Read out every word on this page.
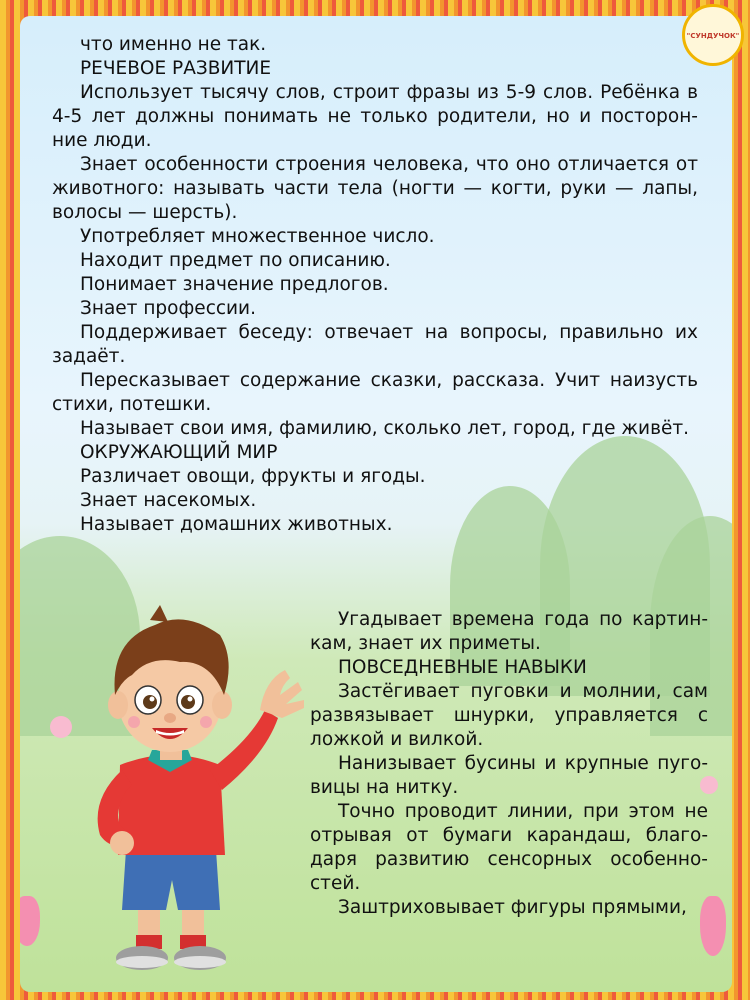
"СУНДУЧОК"

что именно не так.

РЕЧЕВОЕ РАЗВИТИЕ

Использует тысячу слов, строит фразы из 5-9 слов. Ребёнка в 4-5 лет должны понимать не только родители, но и посторон-ние люди.

Знает особенности строения человека, что оно отличается от животного: называть части тела (ногти — когти, руки — лапы, волосы — шерсть).

Употребляет множественное число.

Находит предмет по описанию.

Понимает значение предлогов.

Знает профессии.

Поддерживает беседу: отвечает на вопросы, правильно их задаёт.

Пересказывает содержание сказки, рассказа. Учит наизусть стихи, потешки.

Называет свои имя, фамилию, сколько лет, город, где живёт.

ОКРУЖАЮЩИЙ МИР

Различает овощи, фрукты и ягоды.

Знает насекомых.

Называет домашних животных.

Угадывает времена года по картин-кам, знает их приметы.

ПОВСЕДНЕВНЫЕ НАВЫКИ

Застёгивает пуговки и молнии, сам развязывает шнурки, управляется с ложкой и вилкой.

Нанизывает бусины и крупные пуго-вицы на нитку.

Точно проводит линии, при этом не отрывая от бумаги карандаш, благо-даря развитию сенсорных особенно-стей.

Заштриховывает фигуры прямыми,
